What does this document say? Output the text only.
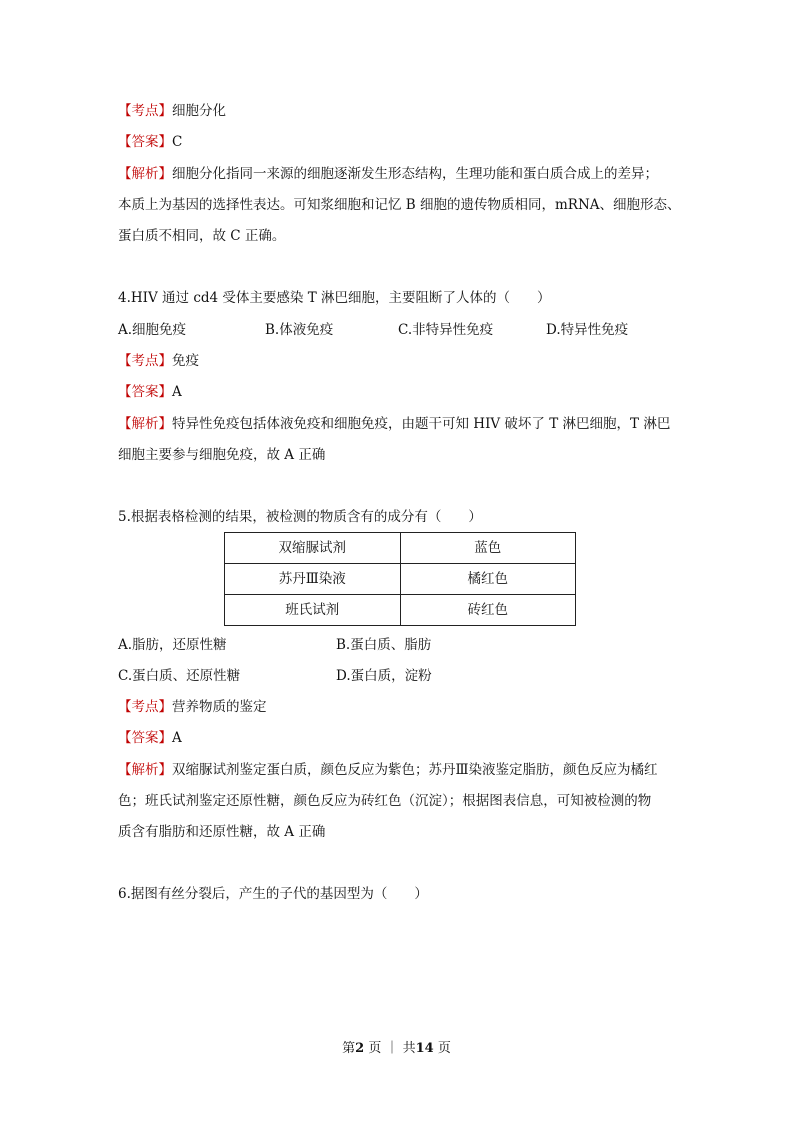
【考点】细胞分化
【答案】C
【解析】细胞分化指同一来源的细胞逐渐发生形态结构，生理功能和蛋白质合成上的差异；
本质上为基因的选择性表达。可知浆细胞和记忆 B 细胞的遗传物质相同，mRNA、细胞形态、
蛋白质不相同，故 C 正确。
4.HIV 通过 cd4 受体主要感染 T 淋巴细胞，主要阻断了人体的（　　）
A.细胞免疫	B.体液免疫	C.非特异性免疫	D.特异性免疫
【考点】免疫
【答案】A
【解析】特异性免疫包括体液免疫和细胞免疫，由题干可知 HIV 破坏了 T 淋巴细胞，T 淋巴
细胞主要参与细胞免疫，故 A 正确
5.根据表格检测的结果，被检测的物质含有的成分有（　　）
双缩脲试剂	蓝色
苏丹Ⅲ染液	橘红色
班氏试剂	砖红色
A.脂肪，还原性糖	B.蛋白质、脂肪
C.蛋白质、还原性糖	D.蛋白质，淀粉
【考点】营养物质的鉴定
【答案】A
【解析】双缩脲试剂鉴定蛋白质，颜色反应为紫色；苏丹Ⅲ染液鉴定脂肪，颜色反应为橘红
色；班氏试剂鉴定还原性糖，颜色反应为砖红色（沉淀）；根据图表信息，可知被检测的物
质含有脂肪和还原性糖，故 A 正确
6.据图有丝分裂后，产生的子代的基因型为（　　）
第2 页 ｜ 共14 页
